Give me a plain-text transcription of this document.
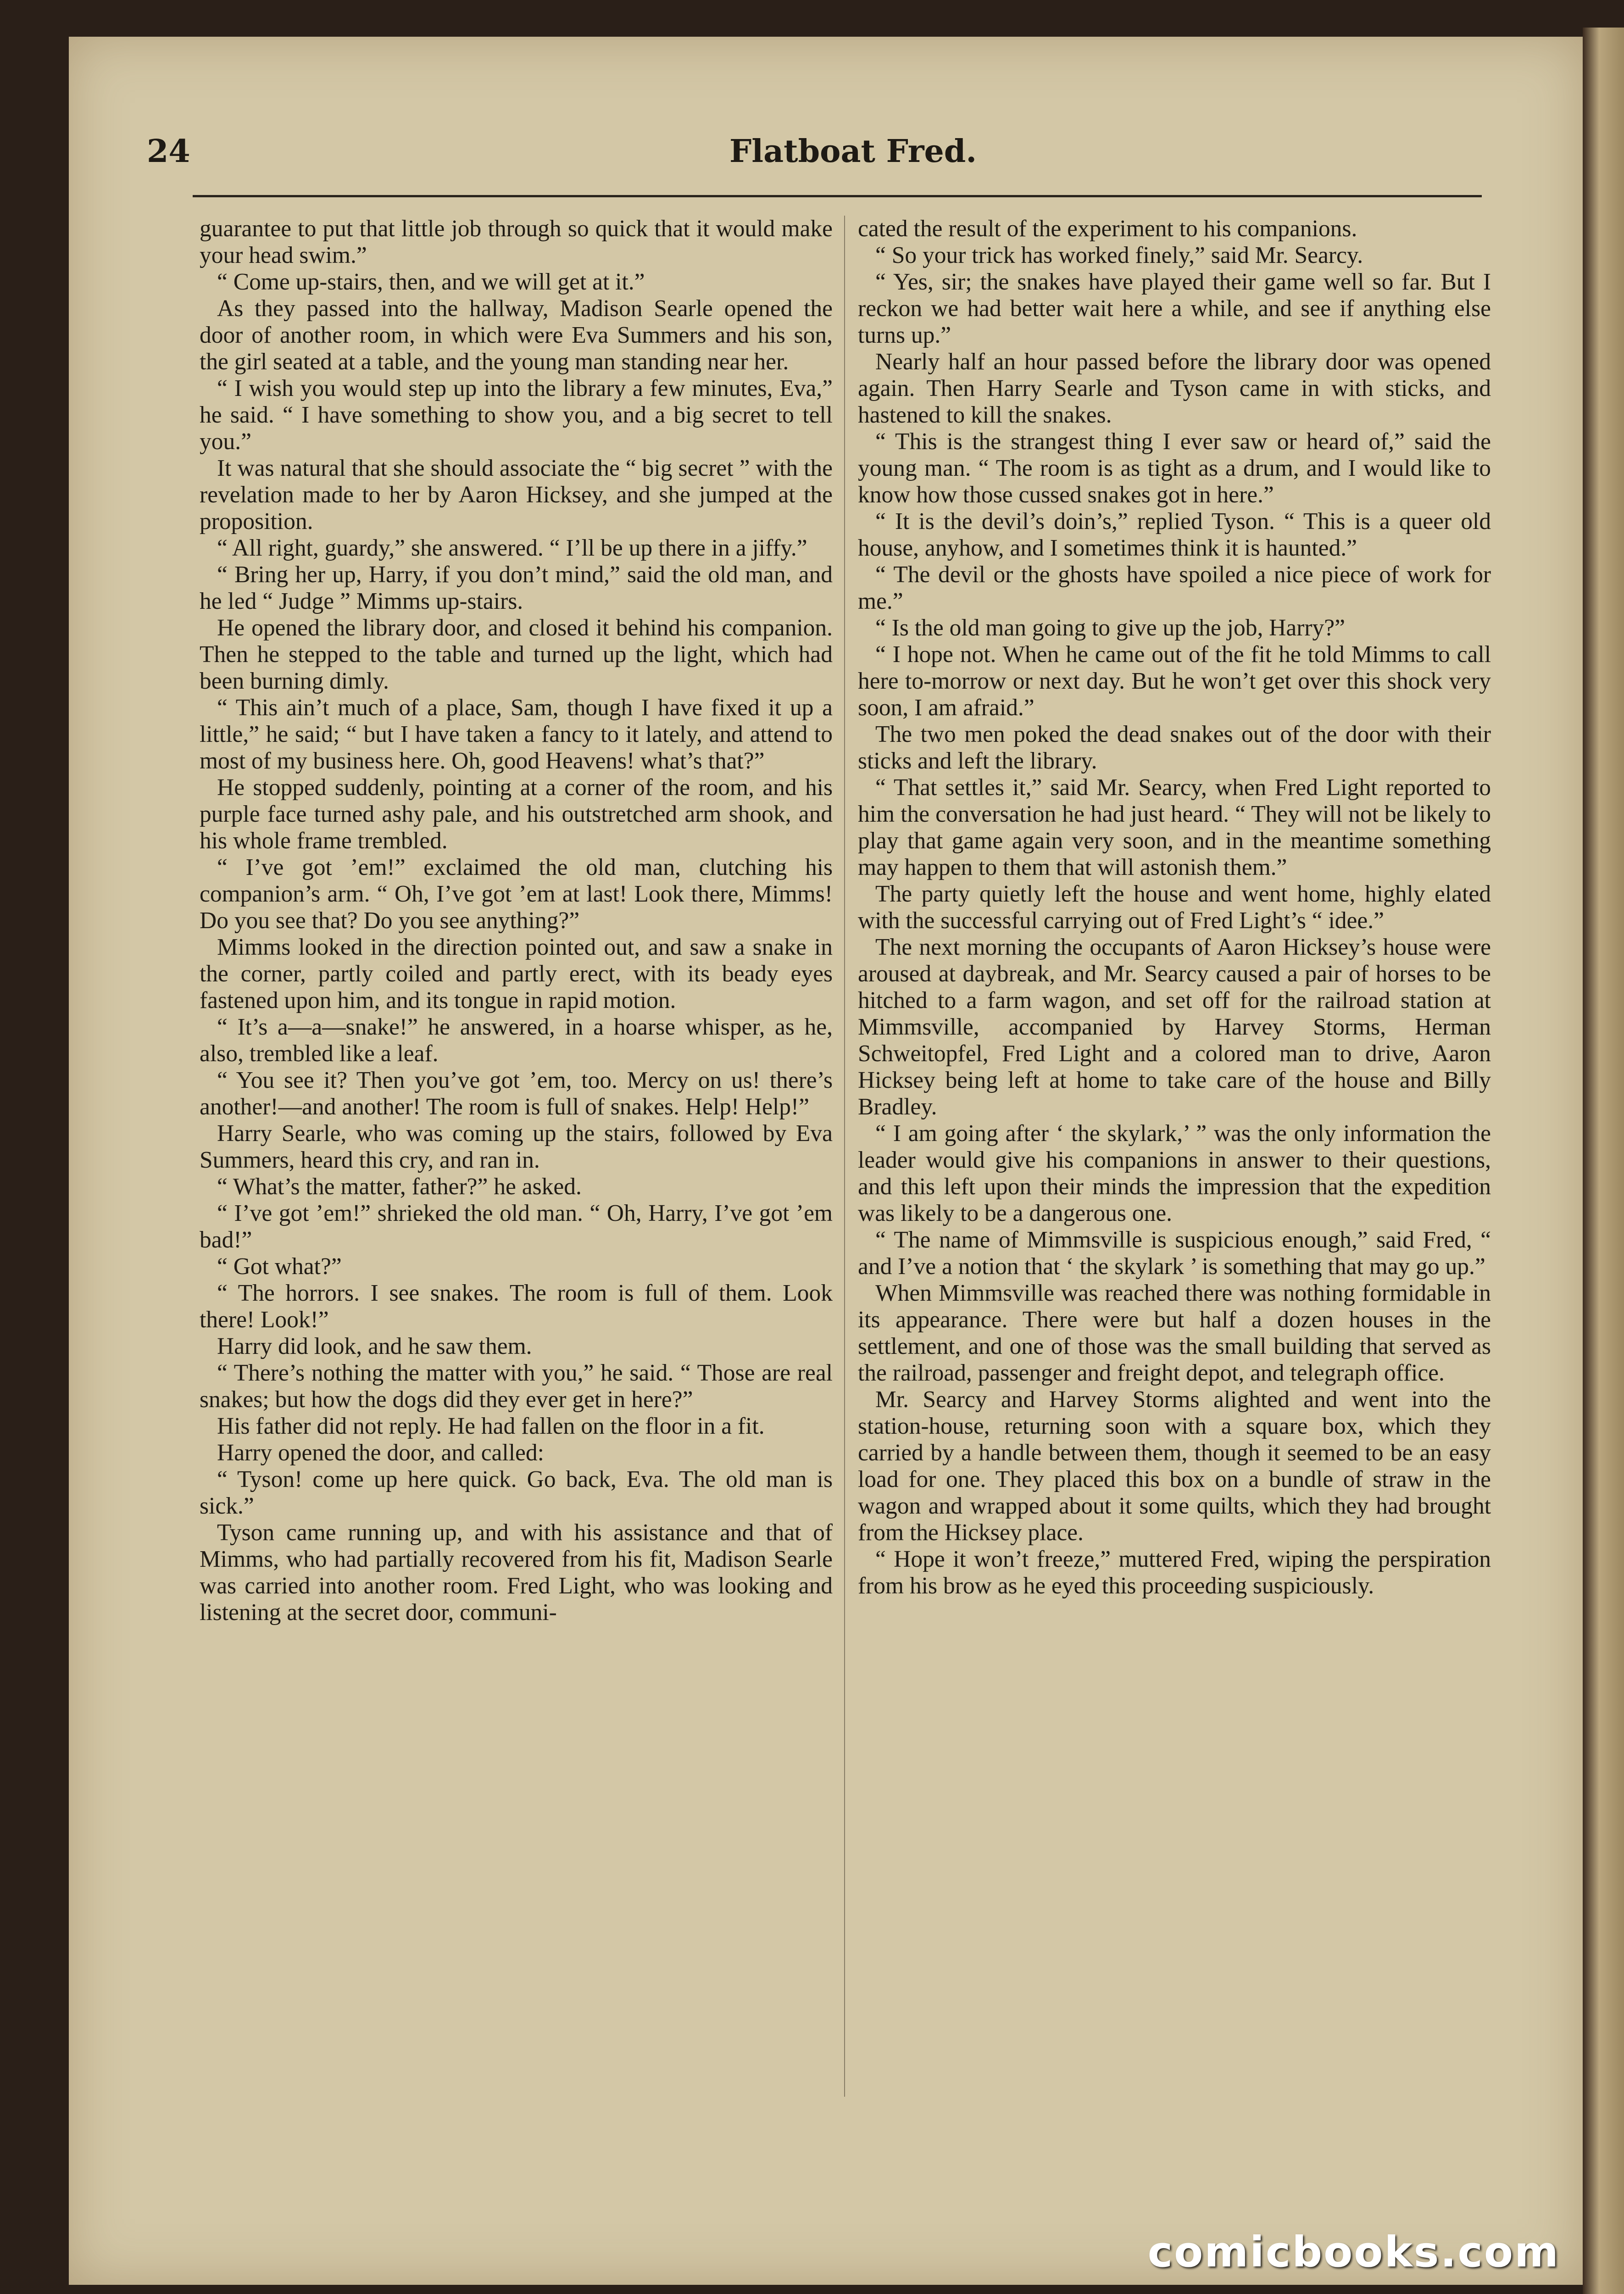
24	Flatboat Fred.

guarantee to put that little job through so quick that it would make your head swim.”

“ Come up-stairs, then, and we will get at it.”

As they passed into the hallway, Madison Searle opened the door of another room, in which were Eva Summers and his son, the girl seated at a table, and the young man standing near her.

“ I wish you would step up into the library a few minutes, Eva,” he said. “ I have something to show you, and a big secret to tell you.”

It was natural that she should associate the “ big secret ” with the revelation made to her by Aaron Hicksey, and she jumped at the proposition.

“ All right, guardy,” she answered. “ I’ll be up there in a jiffy.”

“ Bring her up, Harry, if you don’t mind,” said the old man, and he led “ Judge ” Mimms up-stairs.

He opened the library door, and closed it behind his companion. Then he stepped to the table and turned up the light, which had been burning dimly.

“ This ain’t much of a place, Sam, though I have fixed it up a little,” he said; “ but I have taken a fancy to it lately, and attend to most of my business here. Oh, good Heavens! what’s that?”

He stopped suddenly, pointing at a corner of the room, and his purple face turned ashy pale, and his outstretched arm shook, and his whole frame trembled.

“ I’ve got ’em!” exclaimed the old man, clutching his companion’s arm. “ Oh, I’ve got ’em at last! Look there, Mimms! Do you see that? Do you see anything?”

Mimms looked in the direction pointed out, and saw a snake in the corner, partly coiled and partly erect, with its beady eyes fastened upon him, and its tongue in rapid motion.

“ It’s a—a—snake!” he answered, in a hoarse whisper, as he, also, trembled like a leaf.

“ You see it? Then you’ve got ’em, too. Mercy on us! there’s another!—and another! The room is full of snakes. Help! Help!”

Harry Searle, who was coming up the stairs, followed by Eva Summers, heard this cry, and ran in.

“ What’s the matter, father?” he asked.

“ I’ve got ’em!” shrieked the old man. “ Oh, Harry, I’ve got ’em bad!”

“ Got what?”

“ The horrors. I see snakes. The room is full of them. Look there! Look!”

Harry did look, and he saw them.

“ There’s nothing the matter with you,” he said. “ Those are real snakes; but how the dogs did they ever get in here?”

His father did not reply. He had fallen on the floor in a fit.

Harry opened the door, and called:

“ Tyson! come up here quick. Go back, Eva. The old man is sick.”

Tyson came running up, and with his assistance and that of Mimms, who had partially recovered from his fit, Madison Searle was carried into another room. Fred Light, who was looking and listening at the secret door, communi-

cated the result of the experiment to his companions.

“ So your trick has worked finely,” said Mr. Searcy.

“ Yes, sir; the snakes have played their game well so far. But I reckon we had better wait here a while, and see if anything else turns up.”

Nearly half an hour passed before the library door was opened again. Then Harry Searle and Tyson came in with sticks, and hastened to kill the snakes.

“ This is the strangest thing I ever saw or heard of,” said the young man. “ The room is as tight as a drum, and I would like to know how those cussed snakes got in here.”

“ It is the devil’s doin’s,” replied Tyson. “ This is a queer old house, anyhow, and I sometimes think it is haunted.”

“ The devil or the ghosts have spoiled a nice piece of work for me.”

“ Is the old man going to give up the job, Harry?”

“ I hope not. When he came out of the fit he told Mimms to call here to-morrow or next day. But he won’t get over this shock very soon, I am afraid.”

The two men poked the dead snakes out of the door with their sticks and left the library.

“ That settles it,” said Mr. Searcy, when Fred Light reported to him the conversation he had just heard. “ They will not be likely to play that game again very soon, and in the meantime something may happen to them that will astonish them.”

The party quietly left the house and went home, highly elated with the successful carrying out of Fred Light’s “ idee.”

The next morning the occupants of Aaron Hicksey’s house were aroused at daybreak, and Mr. Searcy caused a pair of horses to be hitched to a farm wagon, and set off for the railroad station at Mimmsville, accompanied by Harvey Storms, Herman Schweitopfel, Fred Light and a colored man to drive, Aaron Hicksey being left at home to take care of the house and Billy Bradley.

“ I am going after ‘ the skylark,’ ” was the only information the leader would give his companions in answer to their questions, and this left upon their minds the impression that the expedition was likely to be a dangerous one.

“ The name of Mimmsville is suspicious enough,” said Fred, “ and I’ve a notion that ‘ the skylark ’ is something that may go up.”

When Mimmsville was reached there was nothing formidable in its appearance. There were but half a dozen houses in the settlement, and one of those was the small building that served as the railroad, passenger and freight depot, and telegraph office.

Mr. Searcy and Harvey Storms alighted and went into the station-house, returning soon with a square box, which they carried by a handle between them, though it seemed to be an easy load for one. They placed this box on a bundle of straw in the wagon and wrapped about it some quilts, which they had brought from the Hicksey place.

“ Hope it won’t freeze,” muttered Fred, wiping the perspiration from his brow as he eyed this proceeding suspiciously.

comicbooks.com
